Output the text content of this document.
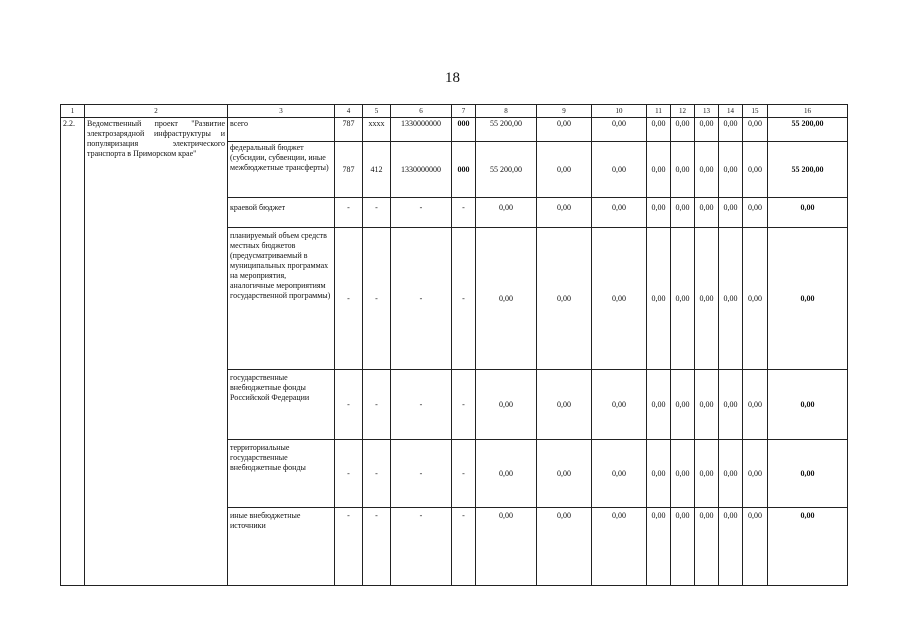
18
1	2	3	4	5	6	7	8	9	10	11	12	13	14	15	16
2.2.	Ведомственный проект "Развитие электрозарядной инфраструктуры и популяризация электрического транспорта в Приморском крае"	всего	787	хххх	1330000000	000	55 200,00	0,00	0,00	0,00	0,00	0,00	0,00	0,00	55 200,00
		федеральный бюджет (субсидии, субвенции, иные межбюджетные трансферты)	787	412	1330000000	000	55 200,00	0,00	0,00	0,00	0,00	0,00	0,00	0,00	55 200,00
		краевой бюджет	-	-	-	-	0,00	0,00	0,00	0,00	0,00	0,00	0,00	0,00	0,00
		планируемый объем средств местных бюджетов (предусматриваемый в муниципальных программах на мероприятия, аналогичные мероприятиям государственной программы)	-	-	-	-	0,00	0,00	0,00	0,00	0,00	0,00	0,00	0,00	0,00
		государственные внебюджетные фонды Российской Федерации	-	-	-	-	0,00	0,00	0,00	0,00	0,00	0,00	0,00	0,00	0,00
		территориальные государственные внебюджетные фонды	-	-	-	-	0,00	0,00	0,00	0,00	0,00	0,00	0,00	0,00	0,00
		иные внебюджетные источники	-	-	-	-	0,00	0,00	0,00	0,00	0,00	0,00	0,00	0,00	0,00
